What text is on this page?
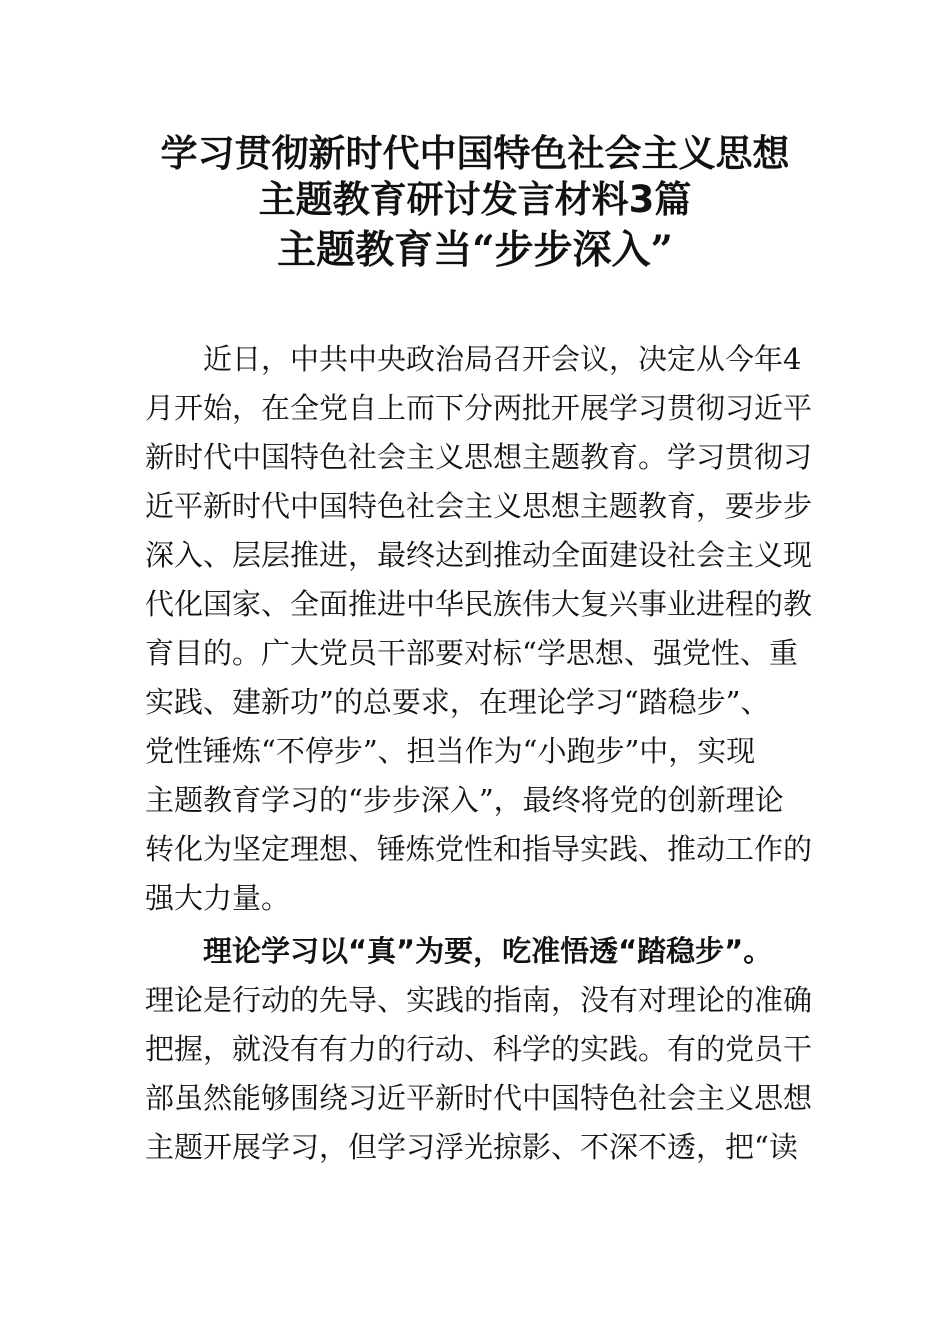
学习贯彻新时代中国特色社会主义思想
主题教育研讨发言材料3篇
主题教育当“步步深入”

近日，中共中央政治局召开会议，决定从今年4

月开始，在全党自上而下分两批开展学习贯彻习近平

新时代中国特色社会主义思想主题教育。学习贯彻习

近平新时代中国特色社会主义思想主题教育，要步步

深入、层层推进，最终达到推动全面建设社会主义现

代化国家、全面推进中华民族伟大复兴事业进程的教

育目的。广大党员干部要对标“学思想、强党性、重

实践、建新功”的总要求，在理论学习“踏稳步”、

党性锤炼“不停步”、担当作为“小跑步”中，实现

主题教育学习的“步步深入”，最终将党的创新理论

转化为坚定理想、锤炼党性和指导实践、推动工作的

强大力量。

理论学习以“真”为要，吃准悟透“踏稳步”。

理论是行动的先导、实践的指南，没有对理论的准确

把握，就没有有力的行动、科学的实践。有的党员干

部虽然能够围绕习近平新时代中国特色社会主义思想

主题开展学习，但学习浮光掠影、不深不透，把“读
